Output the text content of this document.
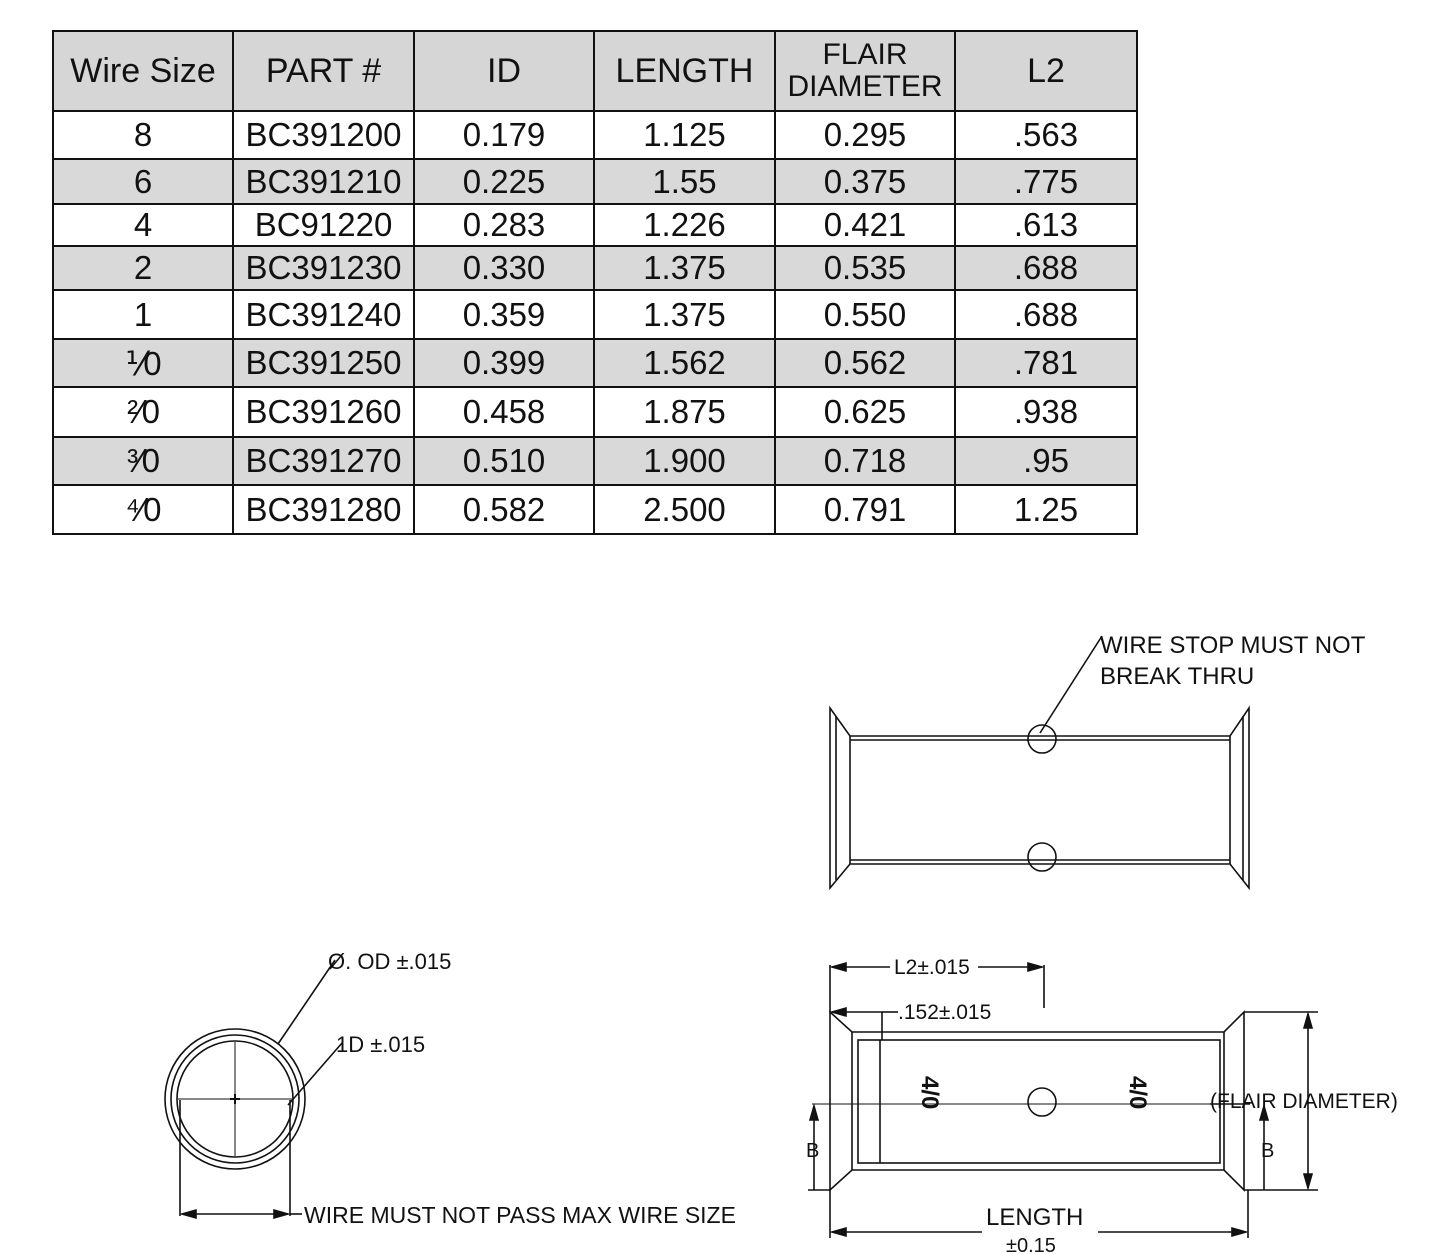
Wire Size	PART #	ID	LENGTH	FLAIR DIAMETER	L2
8	BC391200	0.179	1.125	0.295	.563
6	BC391210	0.225	1.55	0.375	.775
4	BC91220	0.283	1.226	0.421	.613
2	BC391230	0.330	1.375	0.535	.688
1	BC391240	0.359	1.375	0.550	.688
⅟0	BC391250	0.399	1.562	0.562	.781
²⁄0	BC391260	0.458	1.875	0.625	.938
³⁄0	BC391270	0.510	1.900	0.718	.95
⁴⁄0	BC391280	0.582	2.500	0.791	1.25
WIRE STOP MUST NOT
BREAK THRU
Ø. OD ±.015
1D ±.015
WIRE MUST NOT PASS MAX WIRE SIZE
L2±.015
.152±.015
4/0	4/0	(FLAIR DIAMETER)
B	B
LENGTH
±0.15
